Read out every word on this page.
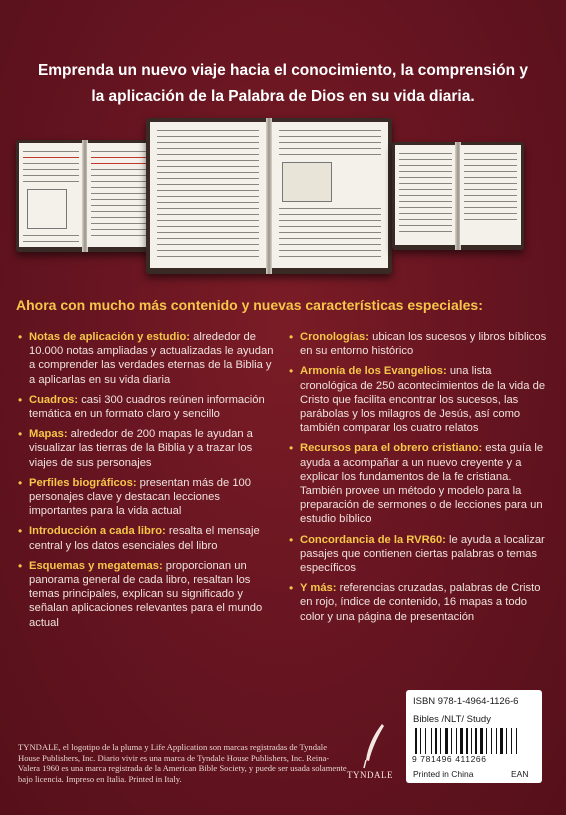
Emprenda un nuevo viaje hacia el conocimiento, la comprensión y
la aplicación de la Palabra de Dios en su vida diaria.
Ahora con mucho más contenido y nuevas características especiales:
• Notas de aplicación y estudio: alrededor de 10.000 notas ampliadas y actualizadas le ayudan a comprender las verdades eternas de la Biblia y a aplicarlas en su vida diaria
• Cuadros: casi 300 cuadros reúnen información temática en un formato claro y sencillo
• Mapas: alrededor de 200 mapas le ayudan a visualizar las tierras de la Biblia y a trazar los viajes de sus personajes
• Perfiles biográficos: presentan más de 100 personajes clave y destacan lecciones importantes para la vida actual
• Introducción a cada libro: resalta el mensaje central y los datos esenciales del libro
• Esquemas y megatemas: proporcionan un panorama general de cada libro, resaltan los temas principales, explican su significado y señalan aplicaciones relevantes para el mundo actual
• Cronologías: ubican los sucesos y libros bíblicos en su entorno histórico
• Armonía de los Evangelios: una lista cronológica de 250 acontecimientos de la vida de Cristo que facilita encontrar los sucesos, las parábolas y los milagros de Jesús, así como también comparar los cuatro relatos
• Recursos para el obrero cristiano: esta guía le ayuda a acompañar a un nuevo creyente y a explicar los fundamentos de la fe cristiana. También provee un método y modelo para la preparación de sermones o de lecciones para un estudio bíblico
• Concordancia de la RVR60: le ayuda a localizar pasajes que contienen ciertas palabras o temas específicos
• Y más: referencias cruzadas, palabras de Cristo en rojo, índice de contenido, 16 mapas a todo color y una página de presentación
TYNDALE, el logotipo de la pluma y Life Application son marcas registradas de Tyndale House Publishers, Inc. Diario vivir es una marca de Tyndale House Publishers, Inc. Reina-Valera 1960 es una marca registrada de la American Bible Society, y puede ser usada solamente bajo licencia. Impreso en Italia. Printed in Italy.	TYNDALE
ISBN 978-1-4964-1126-6
Bibles /NLT/ Study
9 781496 411266
Printed in China	EAN
